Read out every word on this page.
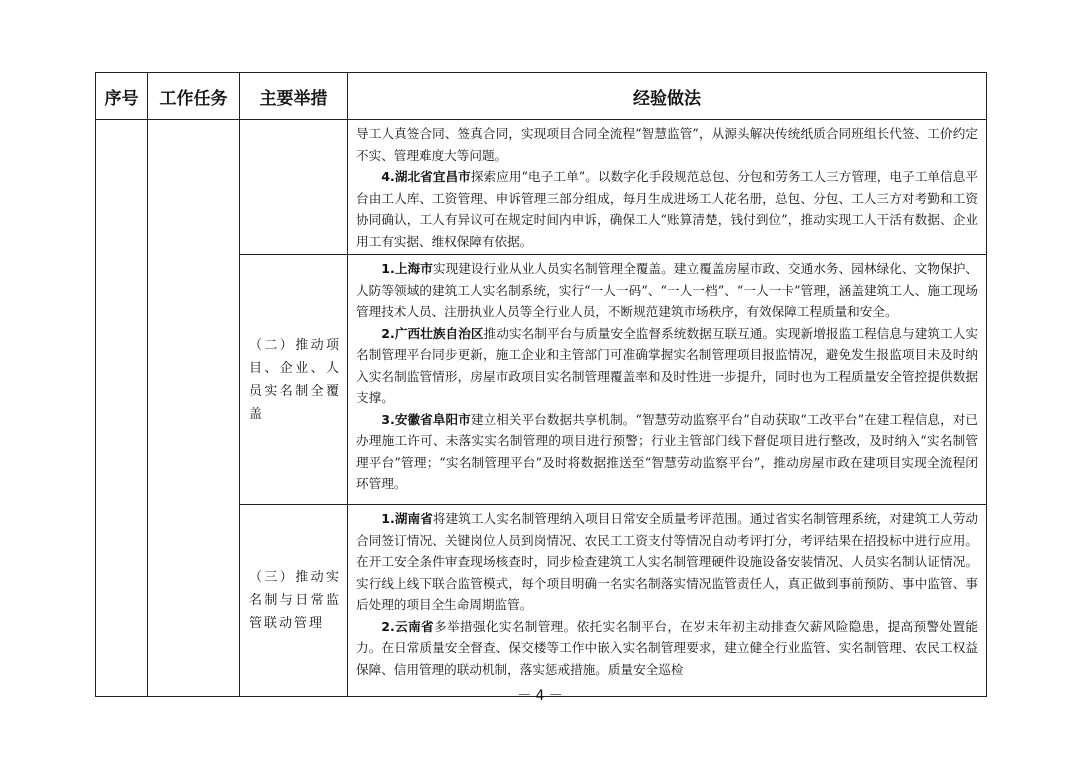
序号	工作任务	主要举措	经验做法

			导工人真签合同、签真合同，实现项目合同全流程“智慧监管”，从源头解决传统纸质合同班组长代签、工价约定不实、管理难度大等问题。

4.湖北省宜昌市探索应用“电子工单”。以数字化手段规范总包、分包和劳务工人三方管理，电子工单信息平台由工人库、工资管理、申诉管理三部分组成，每月生成进场工人花名册，总包、分包、工人三方对考勤和工资协同确认，工人有异议可在规定时间内申诉，确保工人“账算清楚，钱付到位”，推动实现工人干活有数据、企业用工有实据、维权保障有依据。

		（二）推动项目、企业、人员实名制全覆盖	1.上海市实现建设行业从业人员实名制管理全覆盖。建立覆盖房屋市政、交通水务、园林绿化、文物保护、人防等领域的建筑工人实名制系统，实行“一人一码”、“一人一档”、“一人一卡”管理，涵盖建筑工人、施工现场管理技术人员、注册执业人员等全行业人员，不断规范建筑市场秩序，有效保障工程质量和安全。

2.广西壮族自治区推动实名制平台与质量安全监督系统数据互联互通。实现新增报监工程信息与建筑工人实名制管理平台同步更新，施工企业和主管部门可准确掌握实名制管理项目报监情况，避免发生报监项目未及时纳入实名制监管情形，房屋市政项目实名制管理覆盖率和及时性进一步提升，同时也为工程质量安全管控提供数据支撑。

3.安徽省阜阳市建立相关平台数据共享机制。“智慧劳动监察平台”自动获取“工改平台”在建工程信息，对已办理施工许可、未落实实名制管理的项目进行预警；行业主管部门线下督促项目进行整改，及时纳入“实名制管理平台”管理；“实名制管理平台”及时将数据推送至“智慧劳动监察平台”，推动房屋市政在建项目实现全流程闭环管理。

		（三）推动实名制与日常监管联动管理	1.湖南省将建筑工人实名制管理纳入项目日常安全质量考评范围。通过省实名制管理系统，对建筑工人劳动合同签订情况、关键岗位人员到岗情况、农民工工资支付等情况自动考评打分，考评结果在招投标中进行应用。在开工安全条件审查现场核查时，同步检查建筑工人实名制管理硬件设施设备安装情况、人员实名制认证情况。实行线上线下联合监管模式，每个项目明确一名实名制落实情况监管责任人，真正做到事前预防、事中监管、事后处理的项目全生命周期监管。

2.云南省多举措强化实名制管理。依托实名制平台，在岁末年初主动排查欠薪风险隐患，提高预警处置能力。在日常质量安全督查、保交楼等工作中嵌入实名制管理要求，建立健全行业监管、实名制管理、农民工权益保障、信用管理的联动机制，落实惩戒措施。质量安全巡检

－ 4 －
